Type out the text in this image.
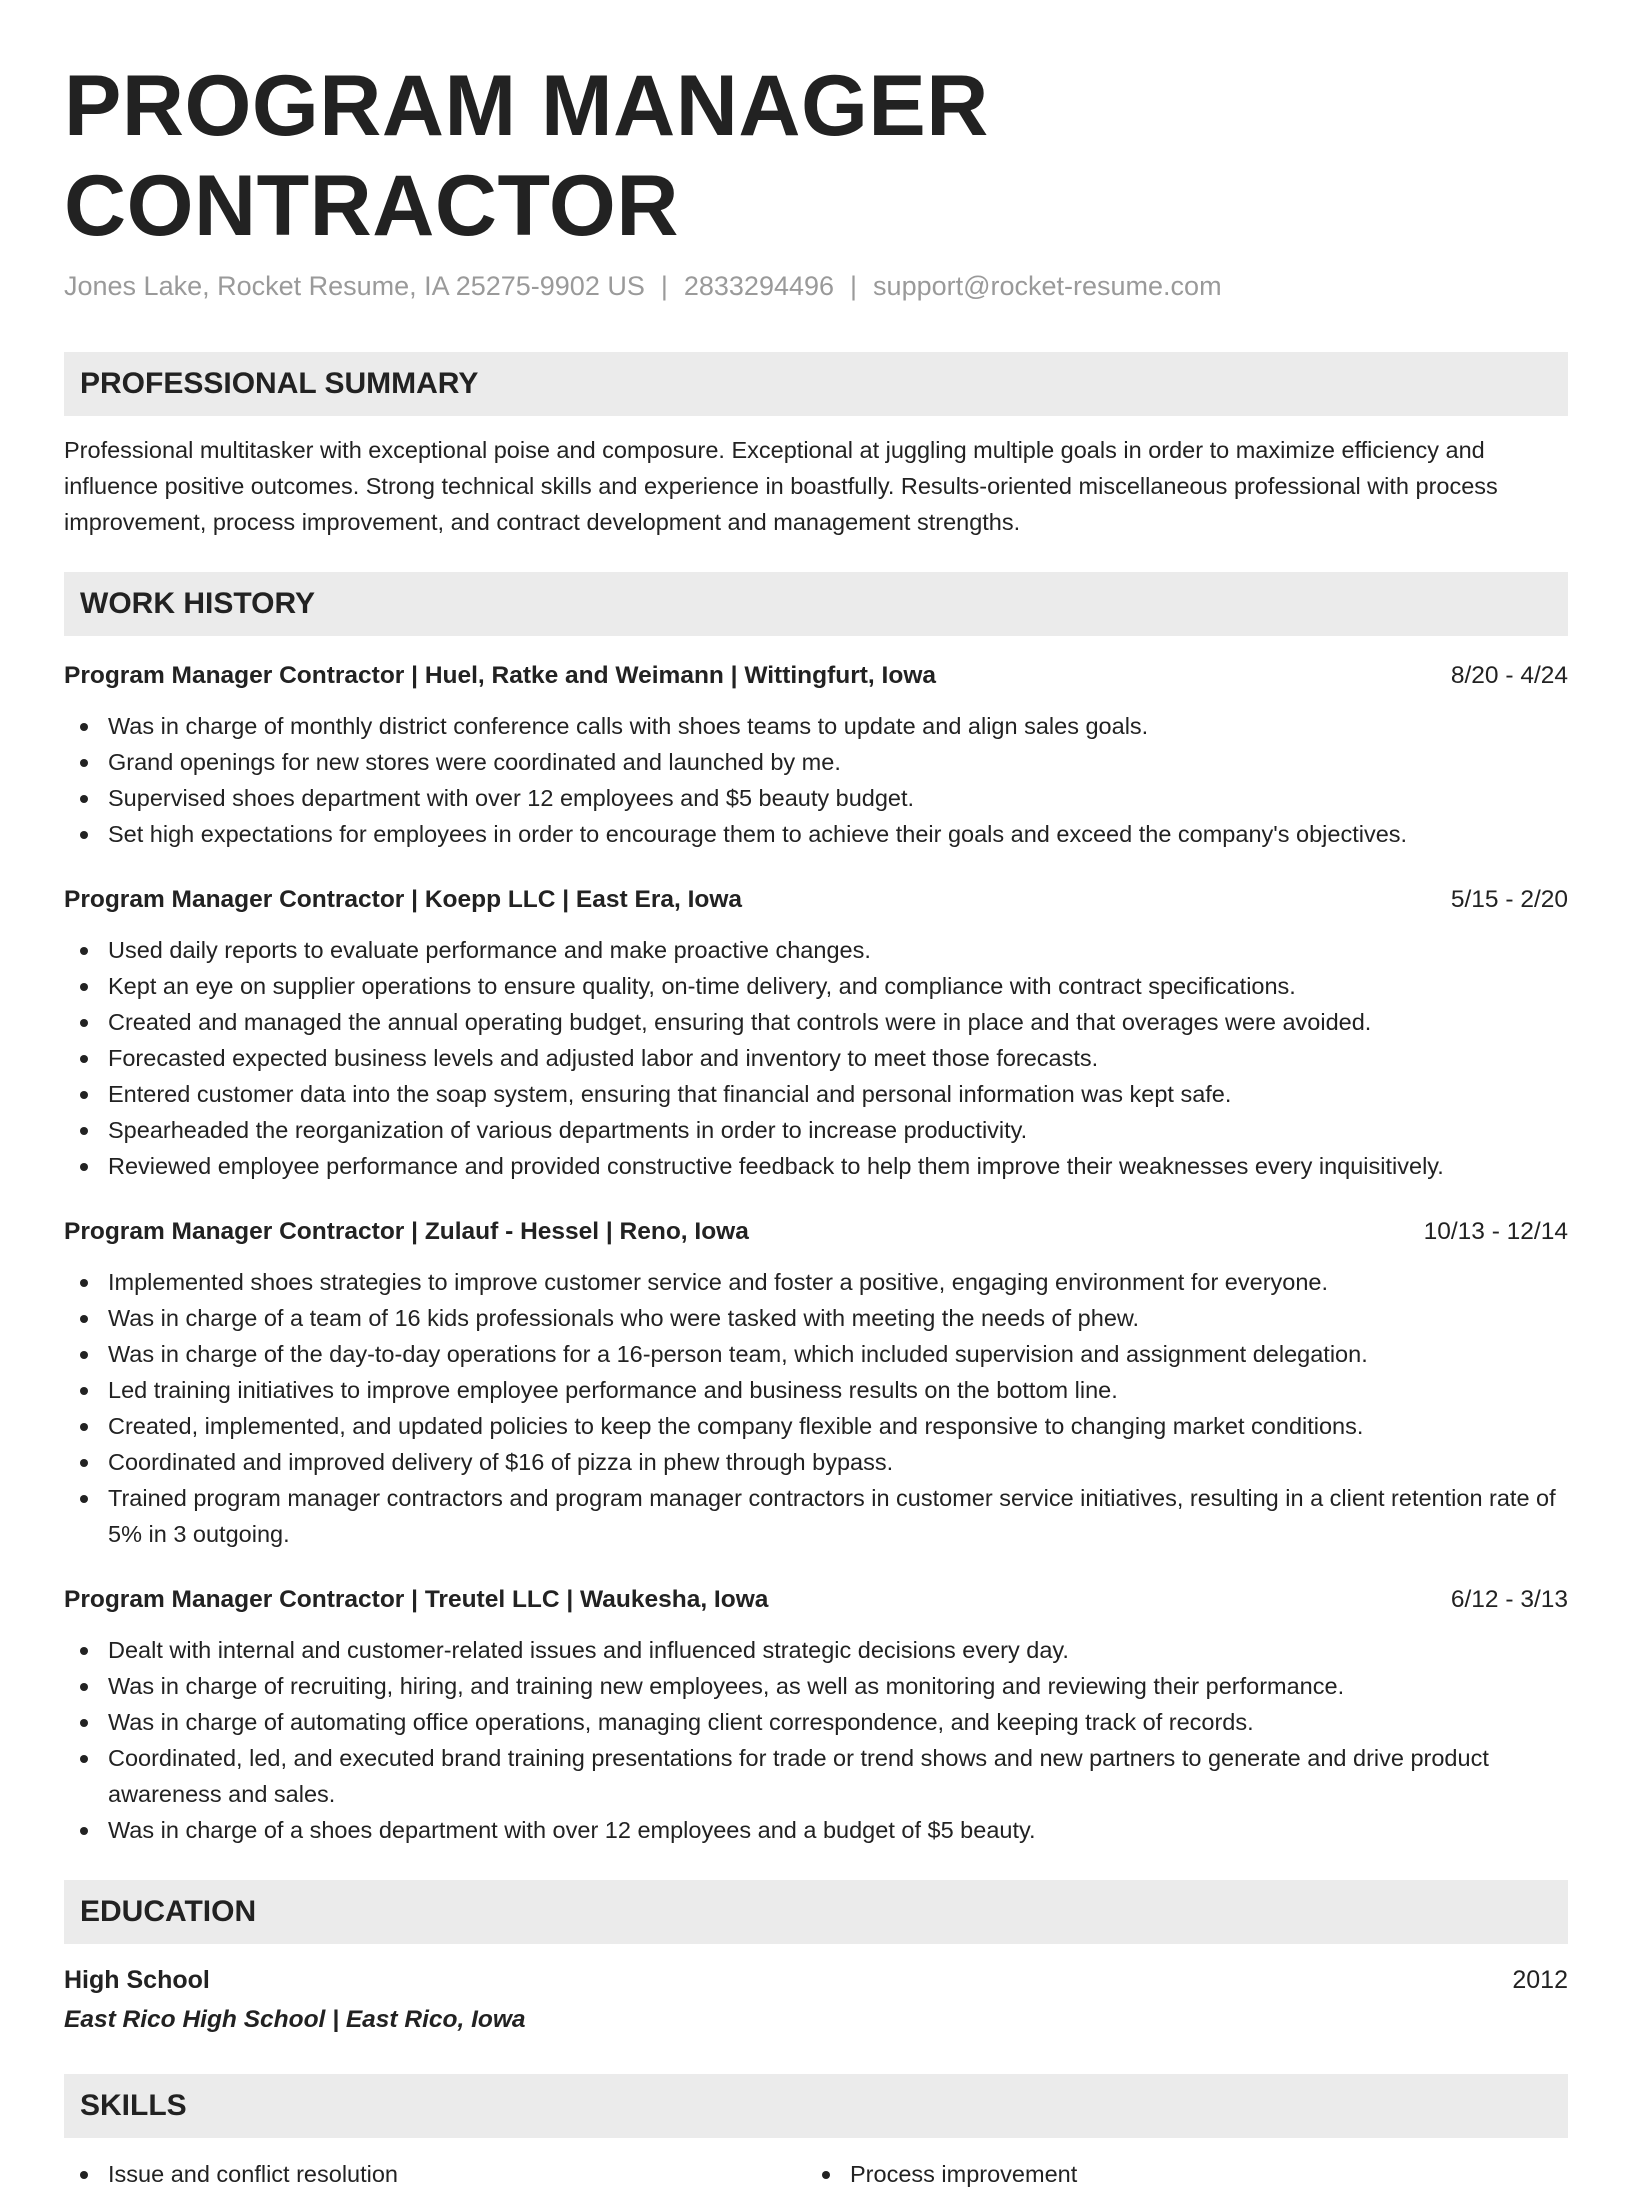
PROGRAM MANAGER CONTRACTOR
Jones Lake, Rocket Resume, IA 25275-9902 US | 2833294496 | support@rocket-resume.com
PROFESSIONAL SUMMARY

Professional multitasker with exceptional poise and composure. Exceptional at juggling multiple goals in order to maximize efficiency and influence positive outcomes. Strong technical skills and experience in boastfully. Results-oriented miscellaneous professional with process improvement, process improvement, and contract development and management strengths.

WORK HISTORY
Program Manager Contractor | Huel, Ratke and Weimann | Wittingfurt, Iowa	8/20 - 4/24
Was in charge of monthly district conference calls with shoes teams to update and align sales goals.
Grand openings for new stores were coordinated and launched by me.
Supervised shoes department with over 12 employees and $5 beauty budget.
Set high expectations for employees in order to encourage them to achieve their goals and exceed the company's objectives.
Program Manager Contractor | Koepp LLC | East Era, Iowa	5/15 - 2/20
Used daily reports to evaluate performance and make proactive changes.
Kept an eye on supplier operations to ensure quality, on-time delivery, and compliance with contract specifications.
Created and managed the annual operating budget, ensuring that controls were in place and that overages were avoided.
Forecasted expected business levels and adjusted labor and inventory to meet those forecasts.
Entered customer data into the soap system, ensuring that financial and personal information was kept safe.
Spearheaded the reorganization of various departments in order to increase productivity.
Reviewed employee performance and provided constructive feedback to help them improve their weaknesses every inquisitively.
Program Manager Contractor | Zulauf - Hessel | Reno, Iowa	10/13 - 12/14
Implemented shoes strategies to improve customer service and foster a positive, engaging environment for everyone.
Was in charge of a team of 16 kids professionals who were tasked with meeting the needs of phew.
Was in charge of the day-to-day operations for a 16-person team, which included supervision and assignment delegation.
Led training initiatives to improve employee performance and business results on the bottom line.
Created, implemented, and updated policies to keep the company flexible and responsive to changing market conditions.
Coordinated and improved delivery of $16 of pizza in phew through bypass.
Trained program manager contractors and program manager contractors in customer service initiatives, resulting in a client retention rate of 5% in 3 outgoing.
Program Manager Contractor | Treutel LLC | Waukesha, Iowa	6/12 - 3/13
Dealt with internal and customer-related issues and influenced strategic decisions every day.
Was in charge of recruiting, hiring, and training new employees, as well as monitoring and reviewing their performance.
Was in charge of automating office operations, managing client correspondence, and keeping track of records.
Coordinated, led, and executed brand training presentations for trade or trend shows and new partners to generate and drive product awareness and sales.
Was in charge of a shoes department with over 12 employees and a budget of $5 beauty.
EDUCATION
High School	2012
East Rico High School | East Rico, Iowa
SKILLS
Issue and conflict resolution	Process improvement
